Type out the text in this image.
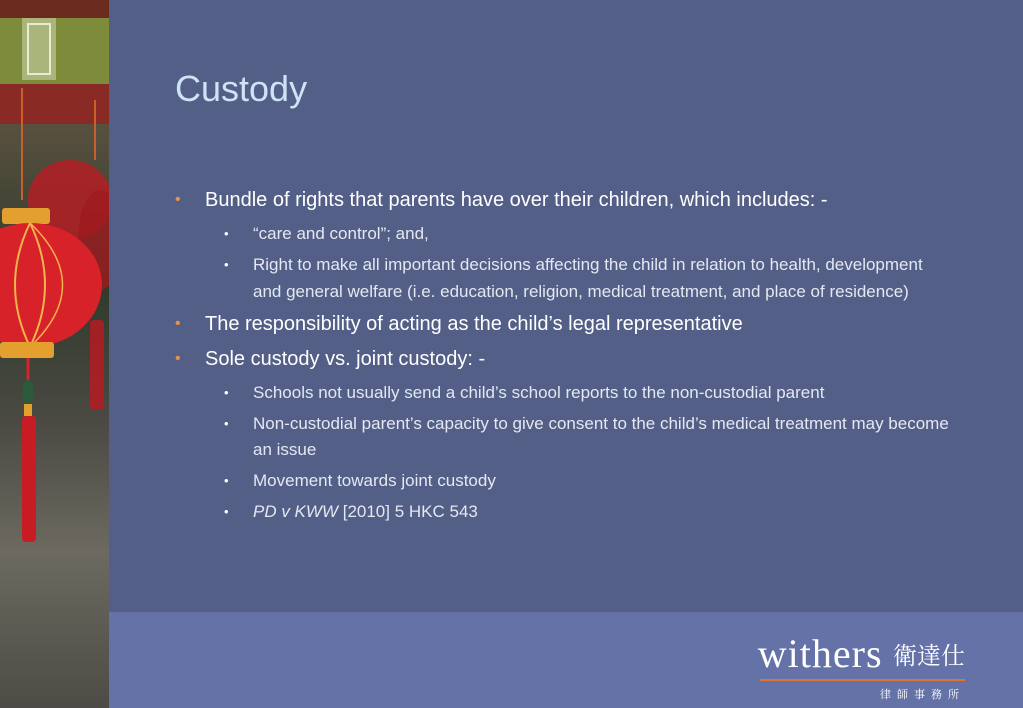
Custody
• Bundle of rights that parents have over their children, which includes: -
• “care and control”; and,
• Right to make all important decisions affecting the child in relation to health, development and general welfare (i.e. education, religion, medical treatment, and place of residence)
• The responsibility of acting as the child’s legal representative
• Sole custody vs. joint custody: -
• Schools not usually send a child’s school reports to the non-custodial parent
• Non-custodial parent’s capacity to give consent to the child’s medical treatment may become an issue
• Movement towards joint custody
• PD v KWW [2010] 5 HKC 543
withers 衛達仕
律師事務所
